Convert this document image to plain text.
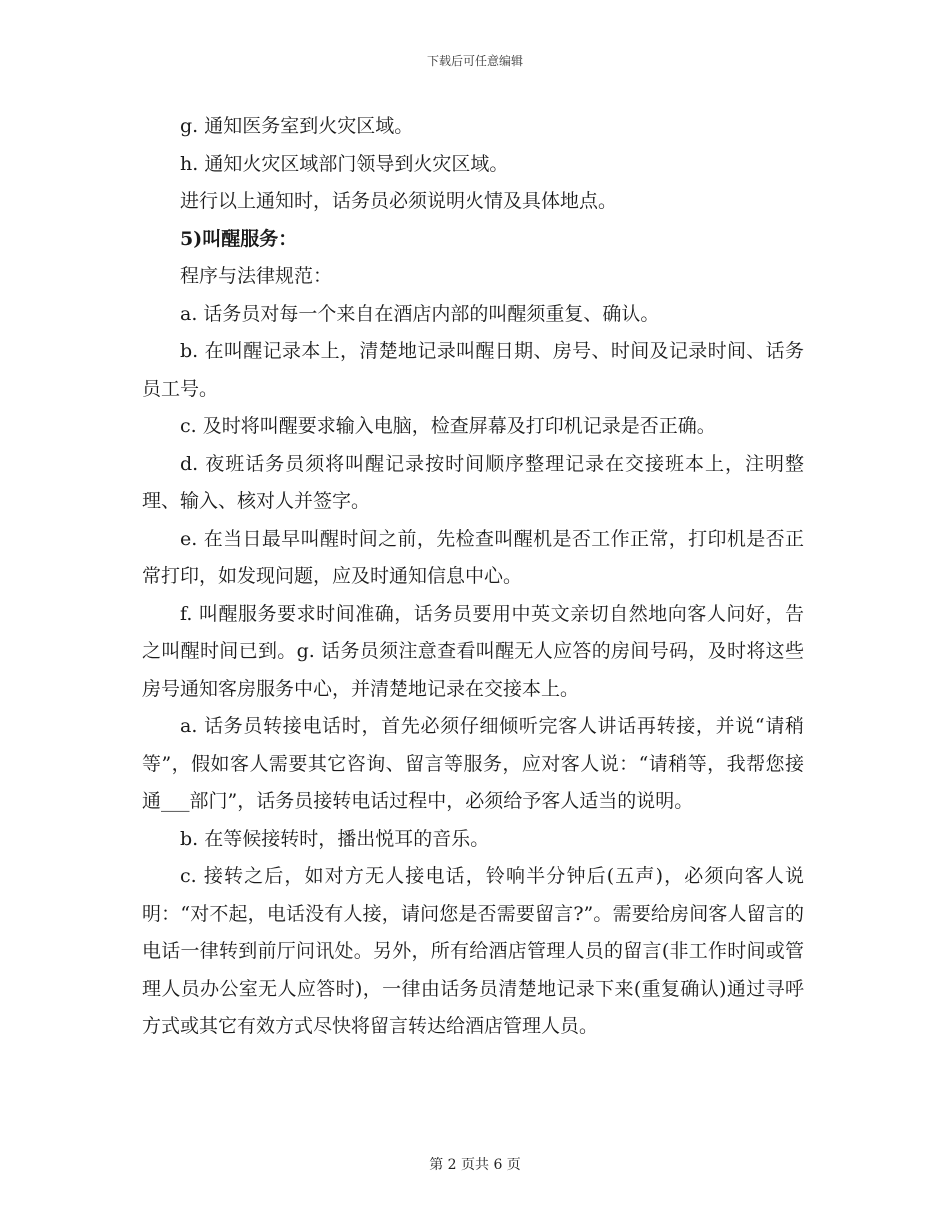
下载后可任意编辑

g. 通知医务室到火灾区域。

h. 通知火灾区域部门领导到火灾区域。

进行以上通知时，话务员必须说明火情及具体地点。

5)叫醒服务：

程序与法律规范：

a. 话务员对每一个来自在酒店内部的叫醒须重复、确认。

b. 在叫醒记录本上，清楚地记录叫醒日期、房号、时间及记录时间、话务员工号。

c. 及时将叫醒要求输入电脑，检查屏幕及打印机记录是否正确。

d. 夜班话务员须将叫醒记录按时间顺序整理记录在交接班本上，注明整理、输入、核对人并签字。

e. 在当日最早叫醒时间之前，先检查叫醒机是否工作正常，打印机是否正常打印，如发现问题，应及时通知信息中心。

f. 叫醒服务要求时间准确，话务员要用中英文亲切自然地向客人问好，告之叫醒时间已到。g. 话务员须注意查看叫醒无人应答的房间号码，及时将这些房号通知客房服务中心，并清楚地记录在交接本上。

a. 话务员转接电话时，首先必须仔细倾听完客人讲话再转接，并说“请稍等”，假如客人需要其它咨询、留言等服务，应对客人说：“请稍等，我帮您接通___部门”，话务员接转电话过程中，必须给予客人适当的说明。

b. 在等候接转时，播出悦耳的音乐。

c. 接转之后，如对方无人接电话，铃响半分钟后(五声)，必须向客人说明：“对不起，电话没有人接，请问您是否需要留言?”。需要给房间客人留言的电话一律转到前厅问讯处。另外，所有给酒店管理人员的留言(非工作时间或管理人员办公室无人应答时)，一律由话务员清楚地记录下来(重复确认)通过寻呼方式或其它有效方式尽快将留言转达给酒店管理人员。

第 2 页共 6 页
